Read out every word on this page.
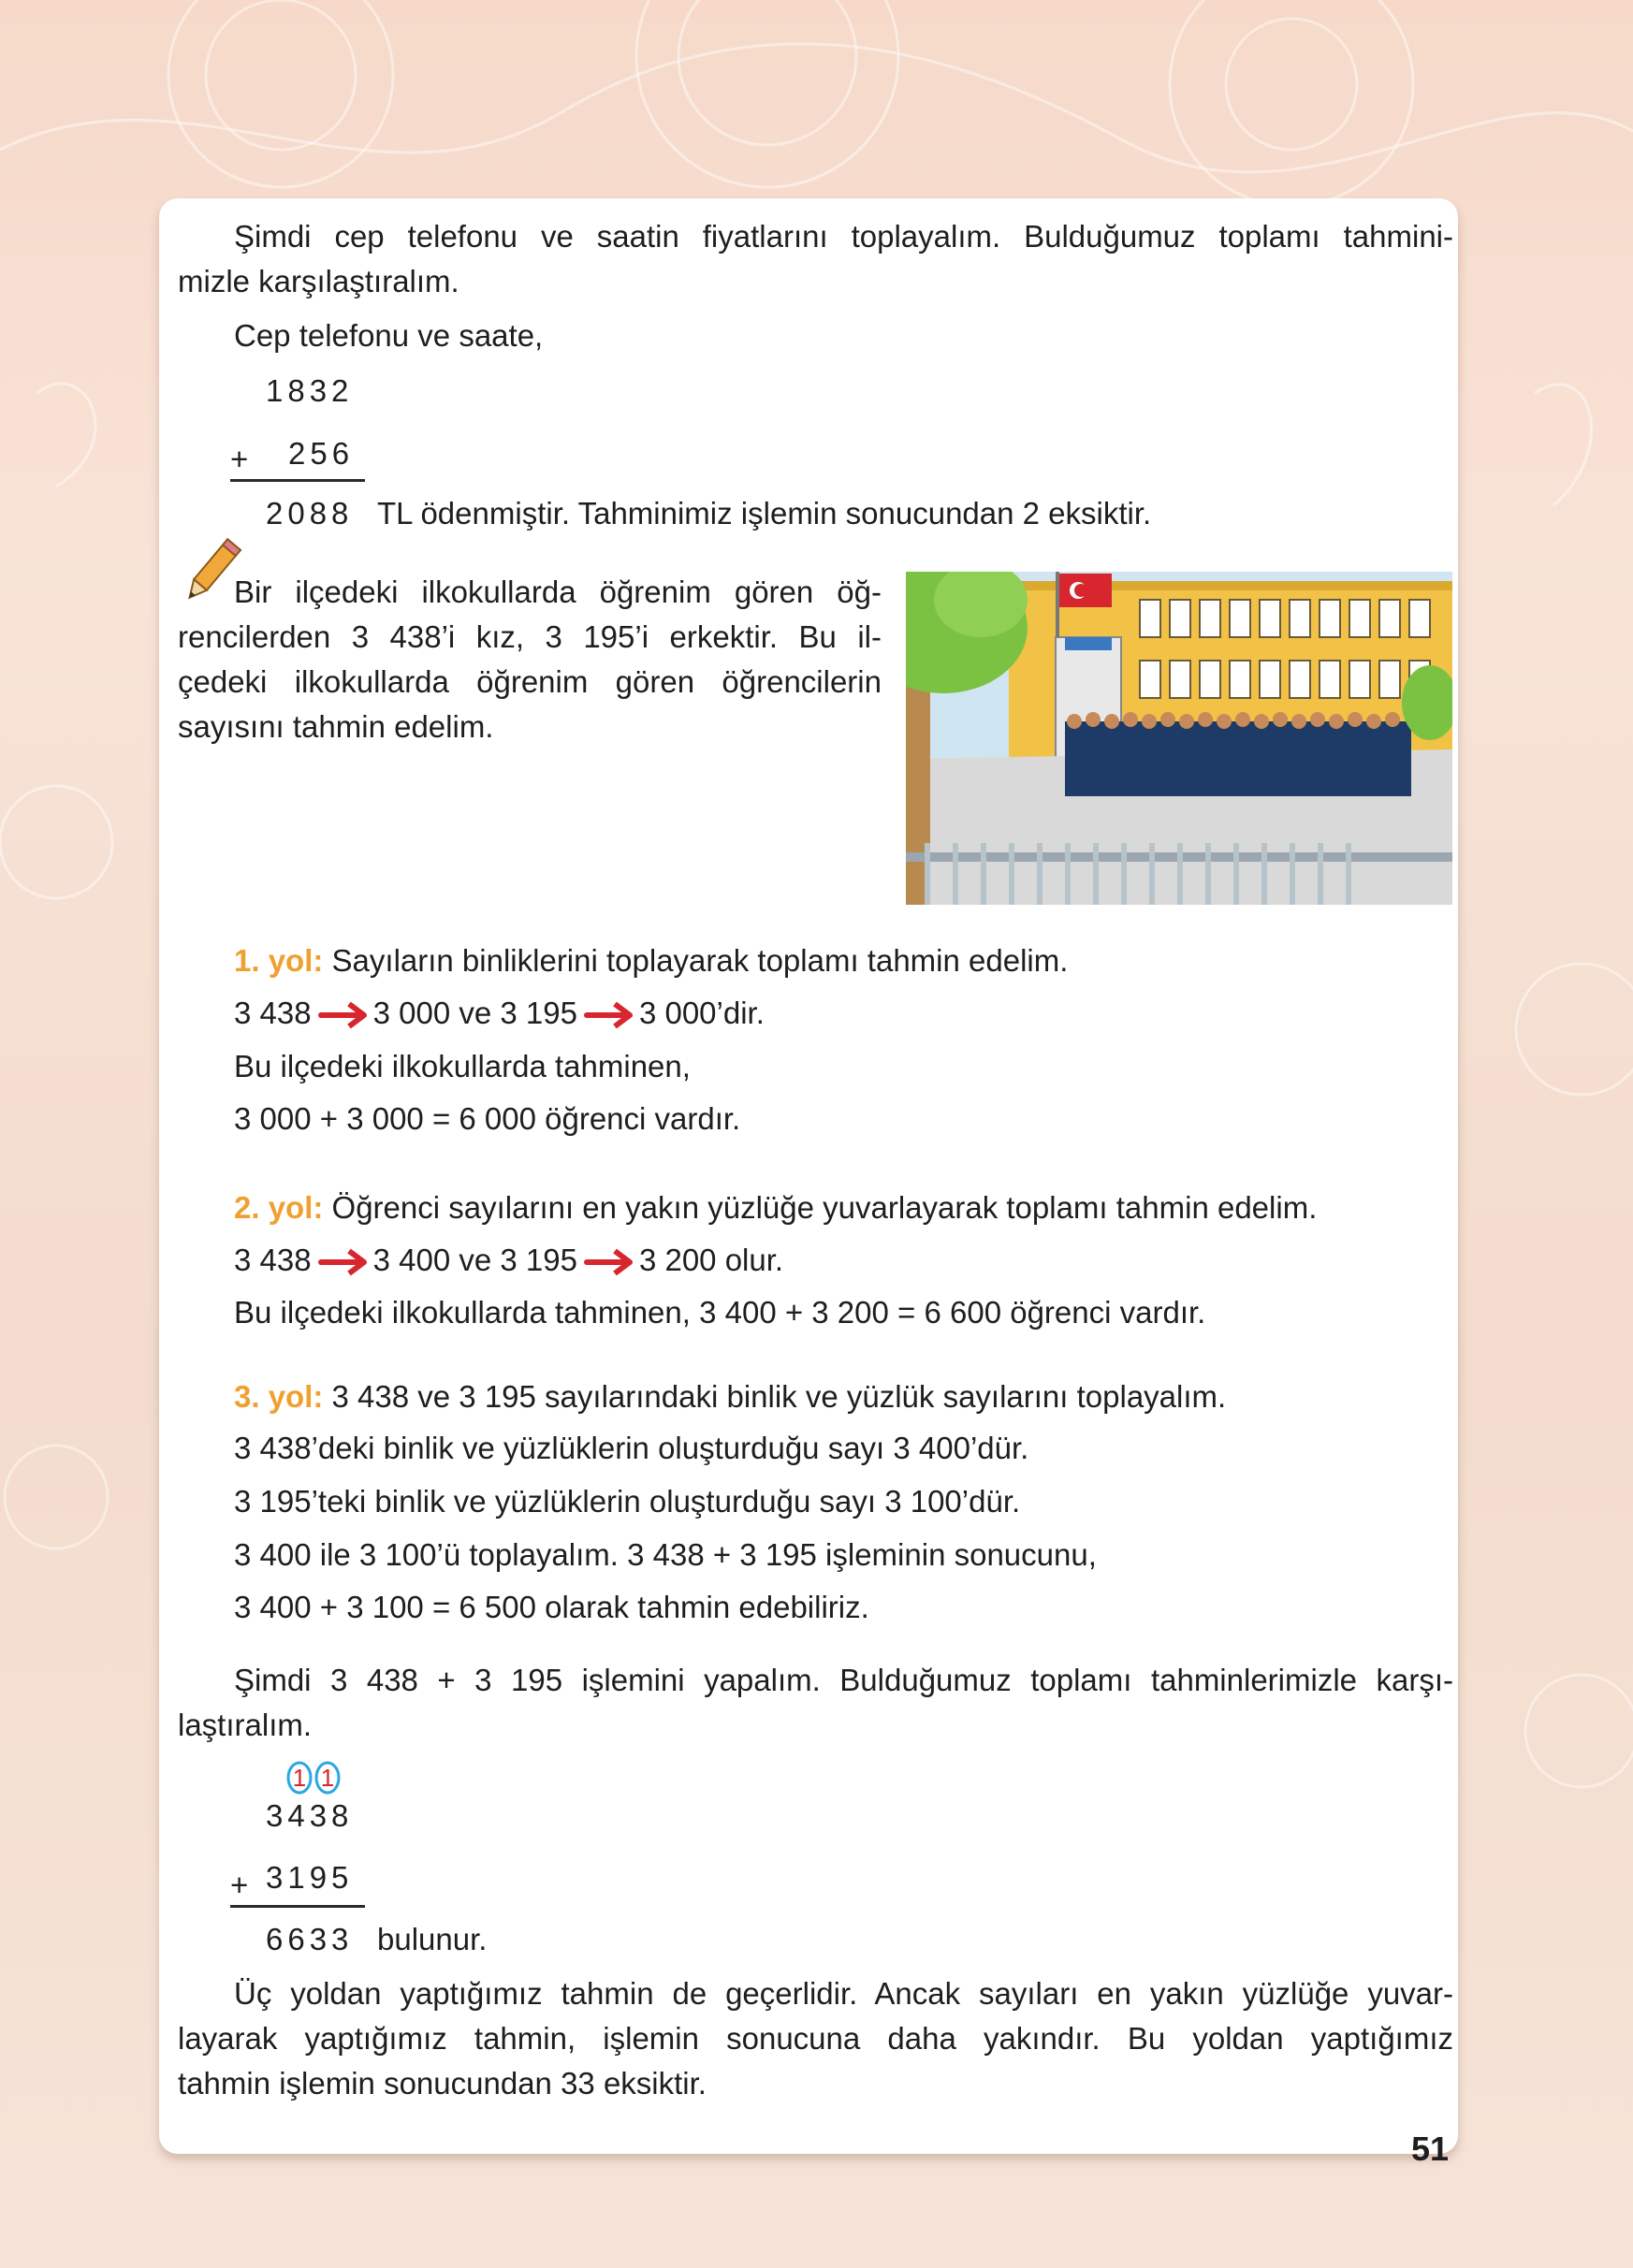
Şimdi cep telefonu ve saatin fiyatlarını toplayalım. Bulduğumuz toplamı tahmini-
mizle karşılaştıralım.
Cep telefonu ve saate,
1832
+ 256
2088 TL ödenmiştir. Tahminimiz işlemin sonucundan 2 eksiktir.
Bir ilçedeki ilkokullarda öğrenim gören öğ-
rencilerden 3 438’i kız, 3 195’i erkektir. Bu il-
çedeki ilkokullarda öğrenim gören öğrencilerin
sayısını tahmin edelim.
1. yol: Sayıların binliklerini toplayarak toplamı tahmin edelim.
3 438 3 000 ve 3 195 3 000’dir.
Bu ilçedeki ilkokullarda tahminen,
3 000 + 3 000 = 6 000 öğrenci vardır.
2. yol: Öğrenci sayılarını en yakın yüzlüğe yuvarlayarak toplamı tahmin edelim.
3 438 3 400 ve 3 195 3 200 olur.
Bu ilçedeki ilkokullarda tahminen, 3 400 + 3 200 = 6 600 öğrenci vardır.
3. yol: 3 438 ve 3 195 sayılarındaki binlik ve yüzlük sayılarını toplayalım.
3 438’deki binlik ve yüzlüklerin oluşturduğu sayı 3 400’dür.
3 195’teki binlik ve yüzlüklerin oluşturduğu sayı 3 100’dür.
3 400 ile 3 100’ü toplayalım. 3 438 + 3 195 işleminin sonucunu,
3 400 + 3 100 = 6 500 olarak tahmin edebiliriz.
Şimdi 3 438 + 3 195 işlemini yapalım. Bulduğumuz toplamı tahminlerimizle karşı-
laştıralım.
1 1
3438
+ 3195
6633 bulunur.
Üç yoldan yaptığımız tahmin de geçerlidir. Ancak sayıları en yakın yüzlüğe yuvar-
layarak yaptığımız tahmin, işlemin sonucuna daha yakındır. Bu yoldan yaptığımız
tahmin işlemin sonucundan 33 eksiktir.
51
